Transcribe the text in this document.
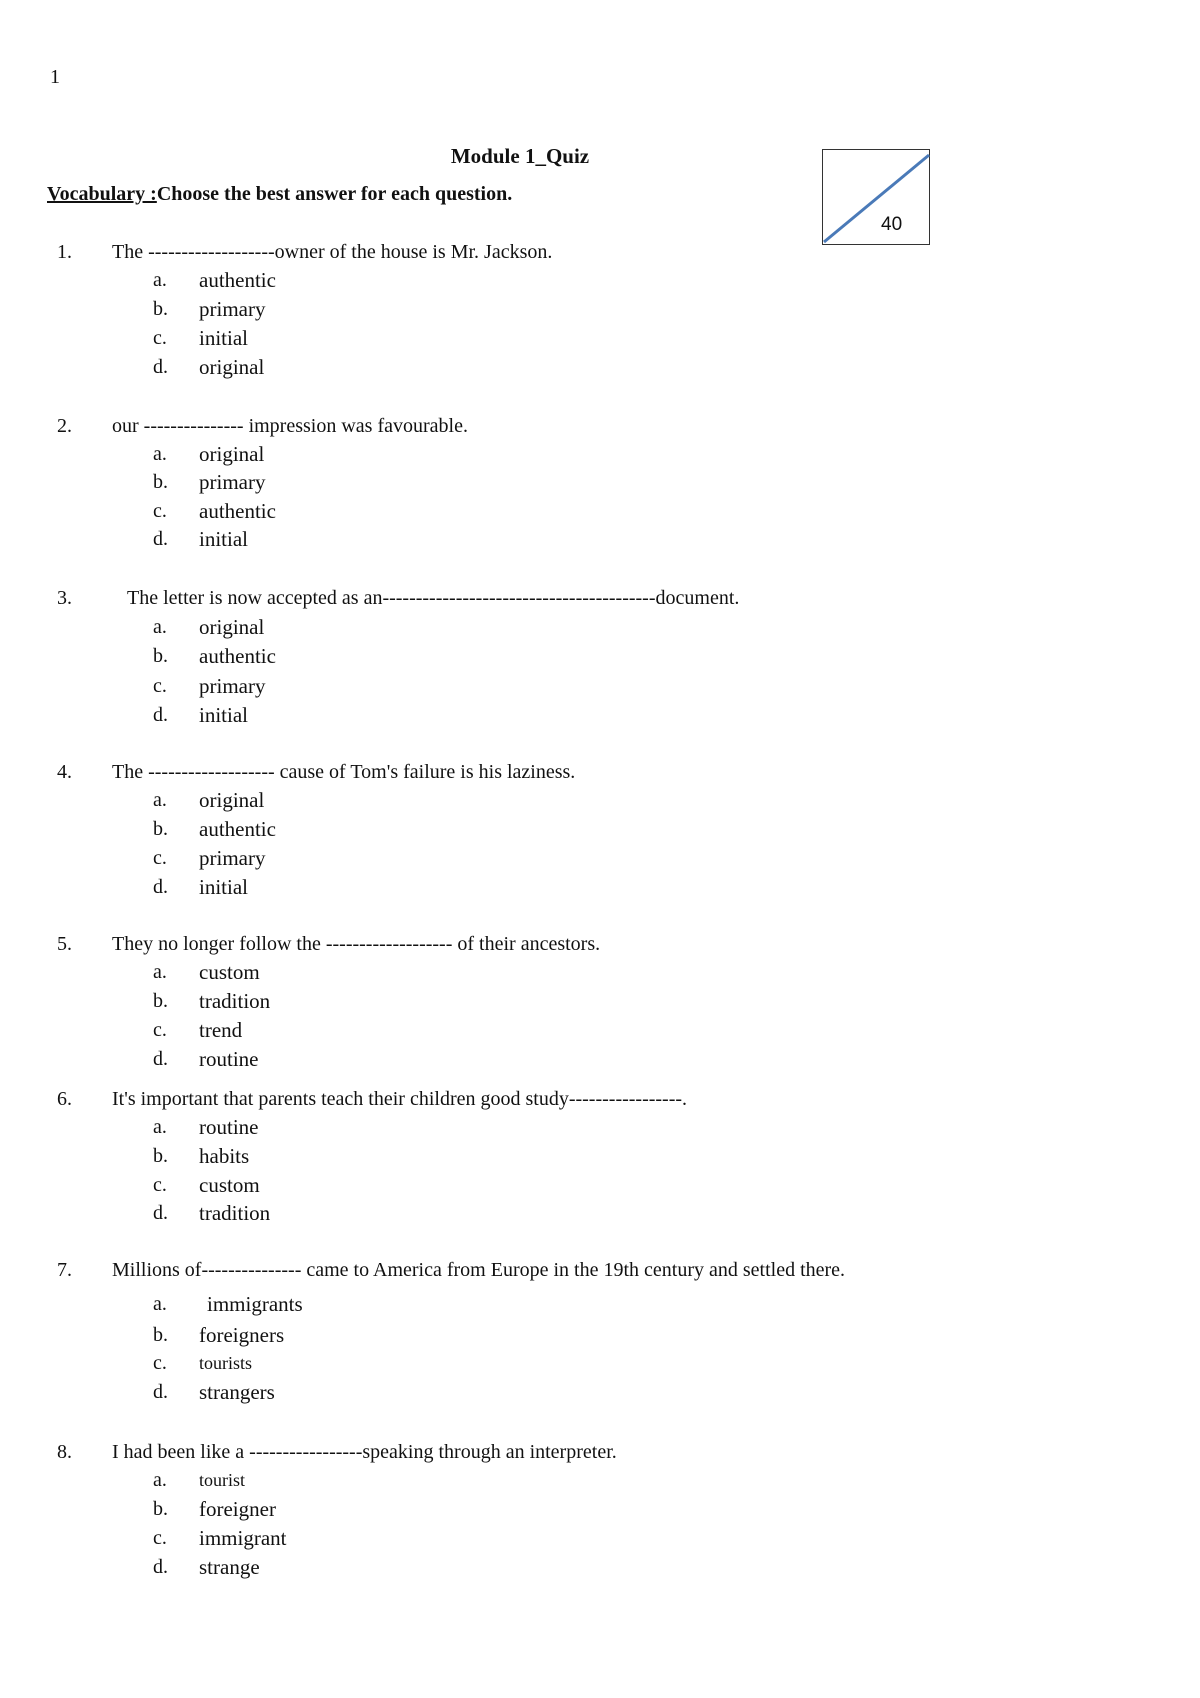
1
Module 1_Quiz
Vocabulary :Choose the best answer for each question.
40
1. The -------------------owner of the house is Mr. Jackson.
a. authentic
b. primary
c. initial
d. original
2. our --------------- impression was favourable.
a. original
b. primary
c. authentic
d. initial
3.	The letter is now accepted as an-----------------------------------------document.
a. original
b. authentic
c. primary
d. initial
4. The ------------------- cause of Tom's failure is his laziness.
a. original
b. authentic
c. primary
d. initial
5. They no longer follow the ------------------- of their ancestors.
a. custom
b. tradition
c. trend
d. routine
6. It's important that parents teach their children good study-----------------.
a. routine
b. habits
c. custom
d. tradition
7. Millions of--------------- came to America from Europe in the 19th century and settled there.
a. immigrants
b. foreigners
c. tourists
d. strangers
8. I had been like a -----------------speaking through an interpreter.
a. tourist
b. foreigner
c. immigrant
d. strange
